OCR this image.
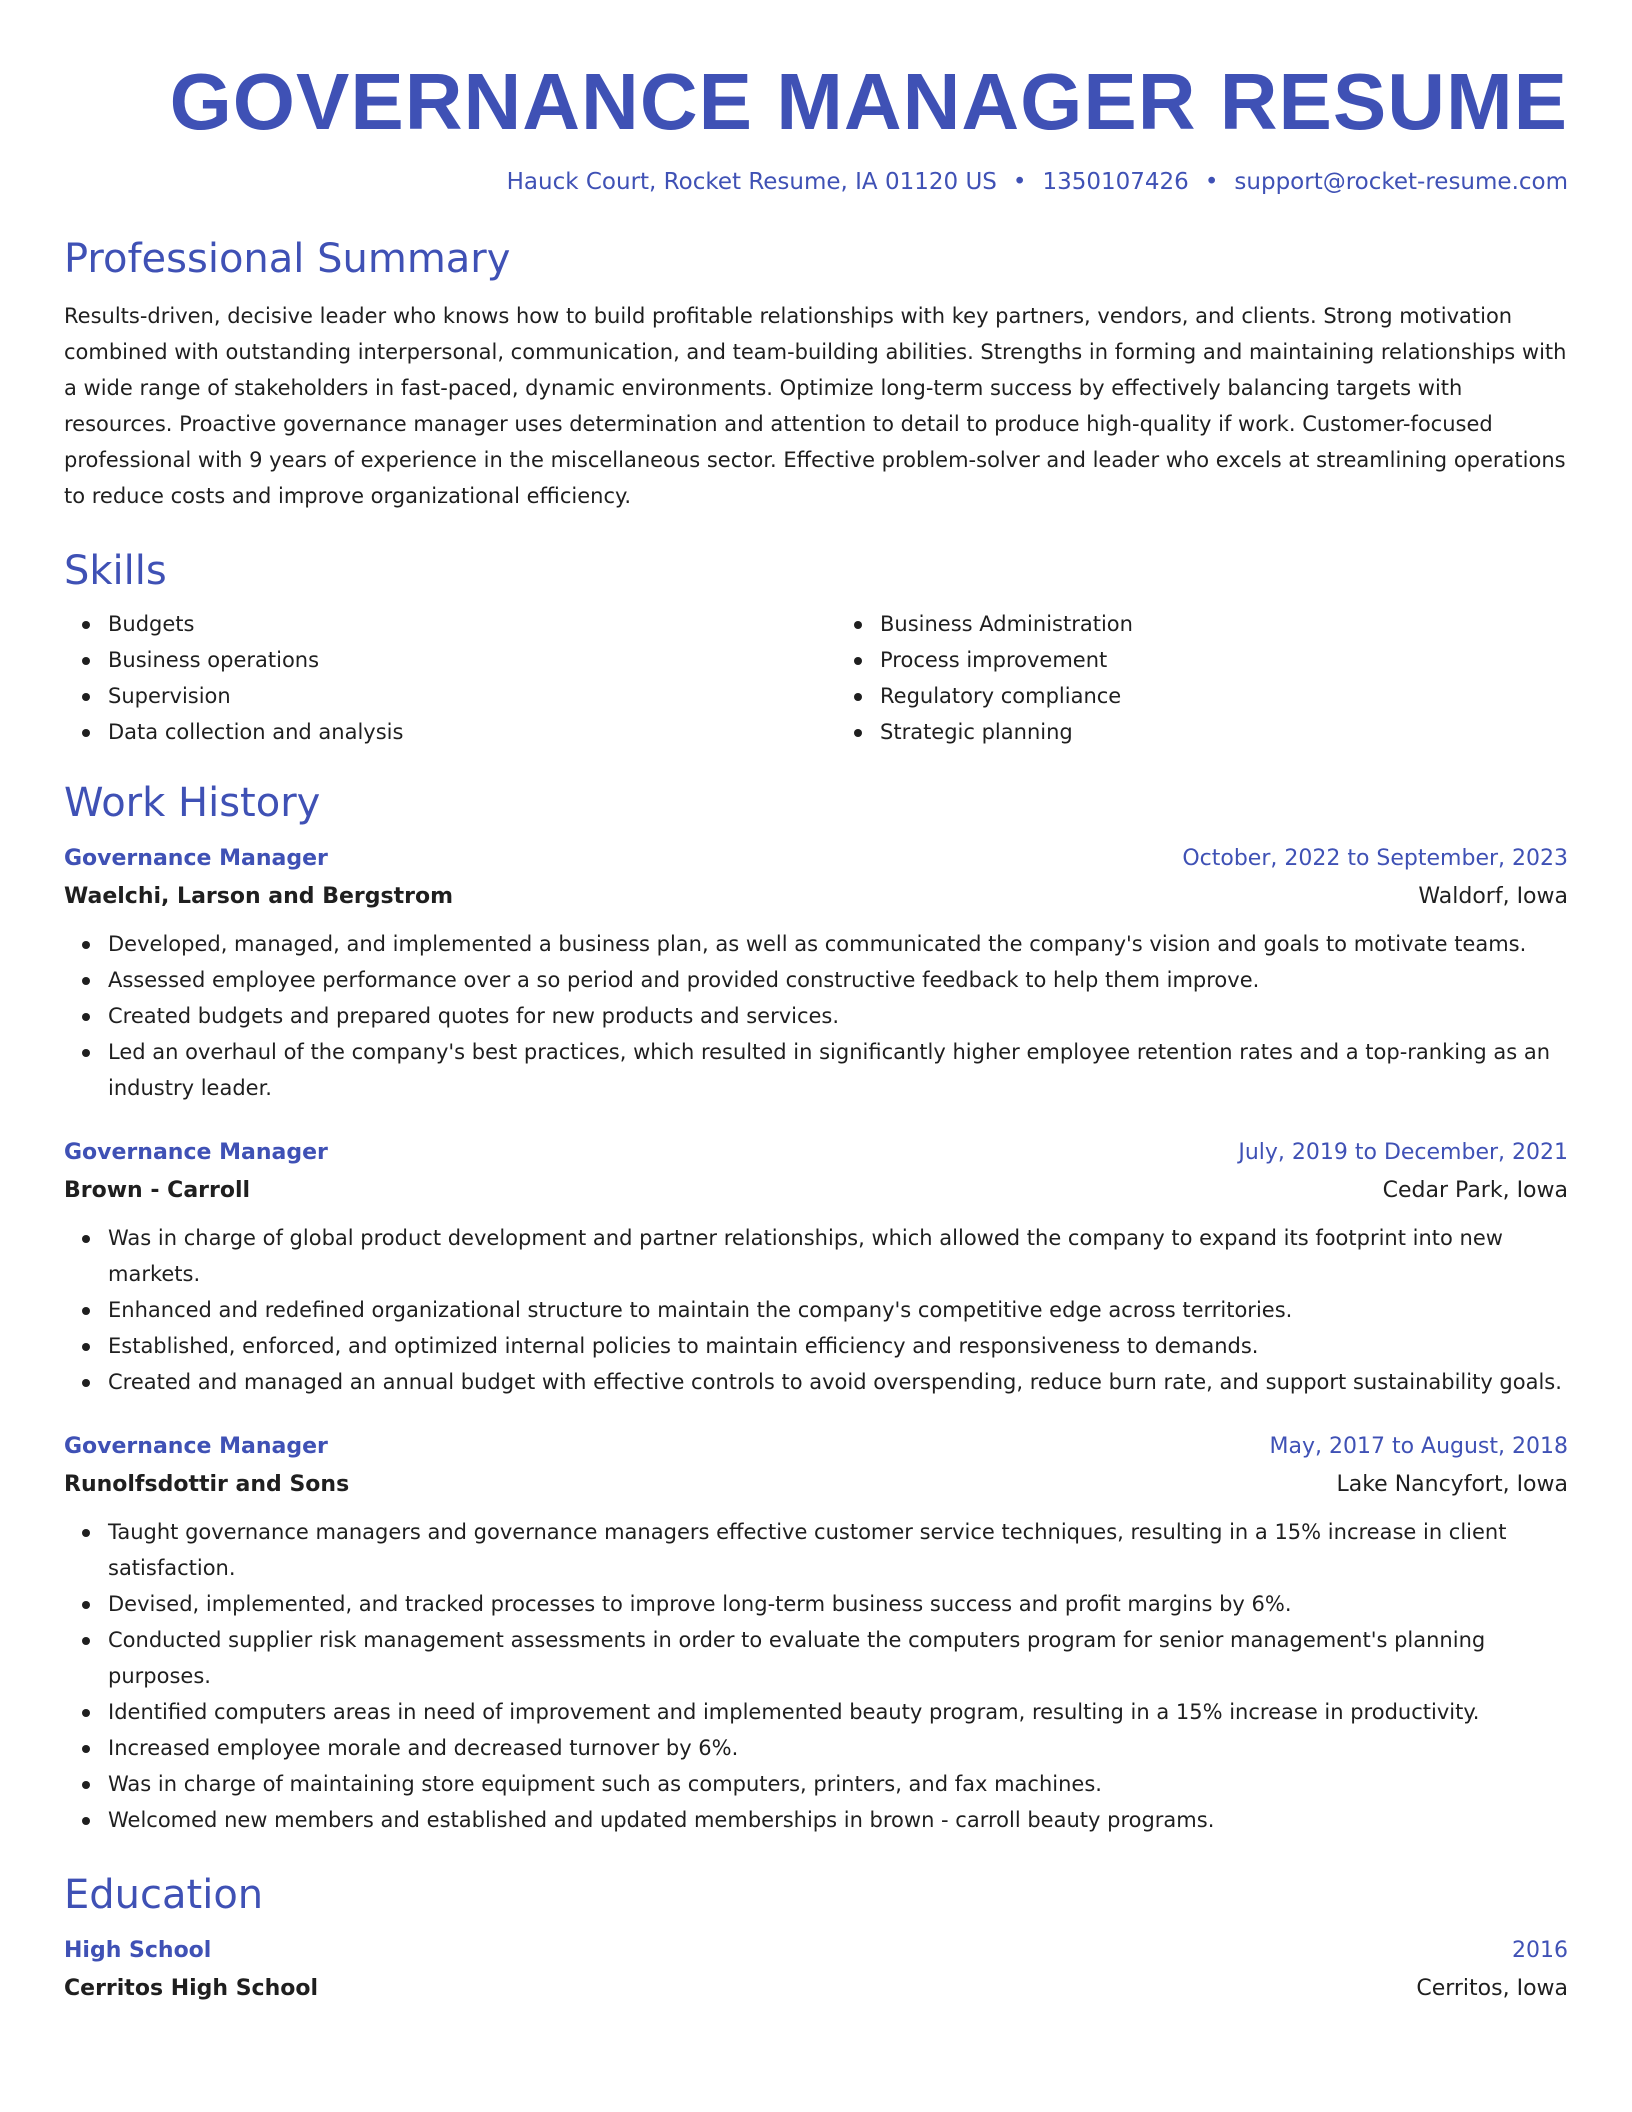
GOVERNANCE MANAGER RESUME
Hauck Court, Rocket Resume, IA 01120 US • 1350107426 • support@rocket-resume.com
Professional Summary

Results-driven, decisive leader who knows how to build profitable relationships with key partners, vendors, and clients. Strong motivation combined with outstanding interpersonal, communication, and team-building abilities. Strengths in forming and maintaining relationships with a wide range of stakeholders in fast-paced, dynamic environments. Optimize long-term success by effectively balancing targets with resources. Proactive governance manager uses determination and attention to detail to produce high-quality if work. Customer-focused professional with 9 years of experience in the miscellaneous sector. Effective problem-solver and leader who excels at streamlining operations to reduce costs and improve organizational efficiency.

Skills
Budgets
Business operations
Supervision
Data collection and analysis
Business Administration
Process improvement
Regulatory compliance
Strategic planning
Work History
Governance Manager	October, 2022 to September, 2023
Waelchi, Larson and Bergstrom	Waldorf, Iowa
Developed, managed, and implemented a business plan, as well as communicated the company's vision and goals to motivate teams.
Assessed employee performance over a so period and provided constructive feedback to help them improve.
Created budgets and prepared quotes for new products and services.
Led an overhaul of the company's best practices, which resulted in significantly higher employee retention rates and a top-ranking as an industry leader.
Governance Manager	July, 2019 to December, 2021
Brown - Carroll	Cedar Park, Iowa
Was in charge of global product development and partner relationships, which allowed the company to expand its footprint into new markets.
Enhanced and redefined organizational structure to maintain the company's competitive edge across territories.
Established, enforced, and optimized internal policies to maintain efficiency and responsiveness to demands.
Created and managed an annual budget with effective controls to avoid overspending, reduce burn rate, and support sustainability goals.
Governance Manager	May, 2017 to August, 2018
Runolfsdottir and Sons	Lake Nancyfort, Iowa
Taught governance managers and governance managers effective customer service techniques, resulting in a 15% increase in client satisfaction.
Devised, implemented, and tracked processes to improve long-term business success and profit margins by 6%.
Conducted supplier risk management assessments in order to evaluate the computers program for senior management's planning purposes.
Identified computers areas in need of improvement and implemented beauty program, resulting in a 15% increase in productivity.
Increased employee morale and decreased turnover by 6%.
Was in charge of maintaining store equipment such as computers, printers, and fax machines.
Welcomed new members and established and updated memberships in brown - carroll beauty programs.
Education
High School	2016
Cerritos High School	Cerritos, Iowa
